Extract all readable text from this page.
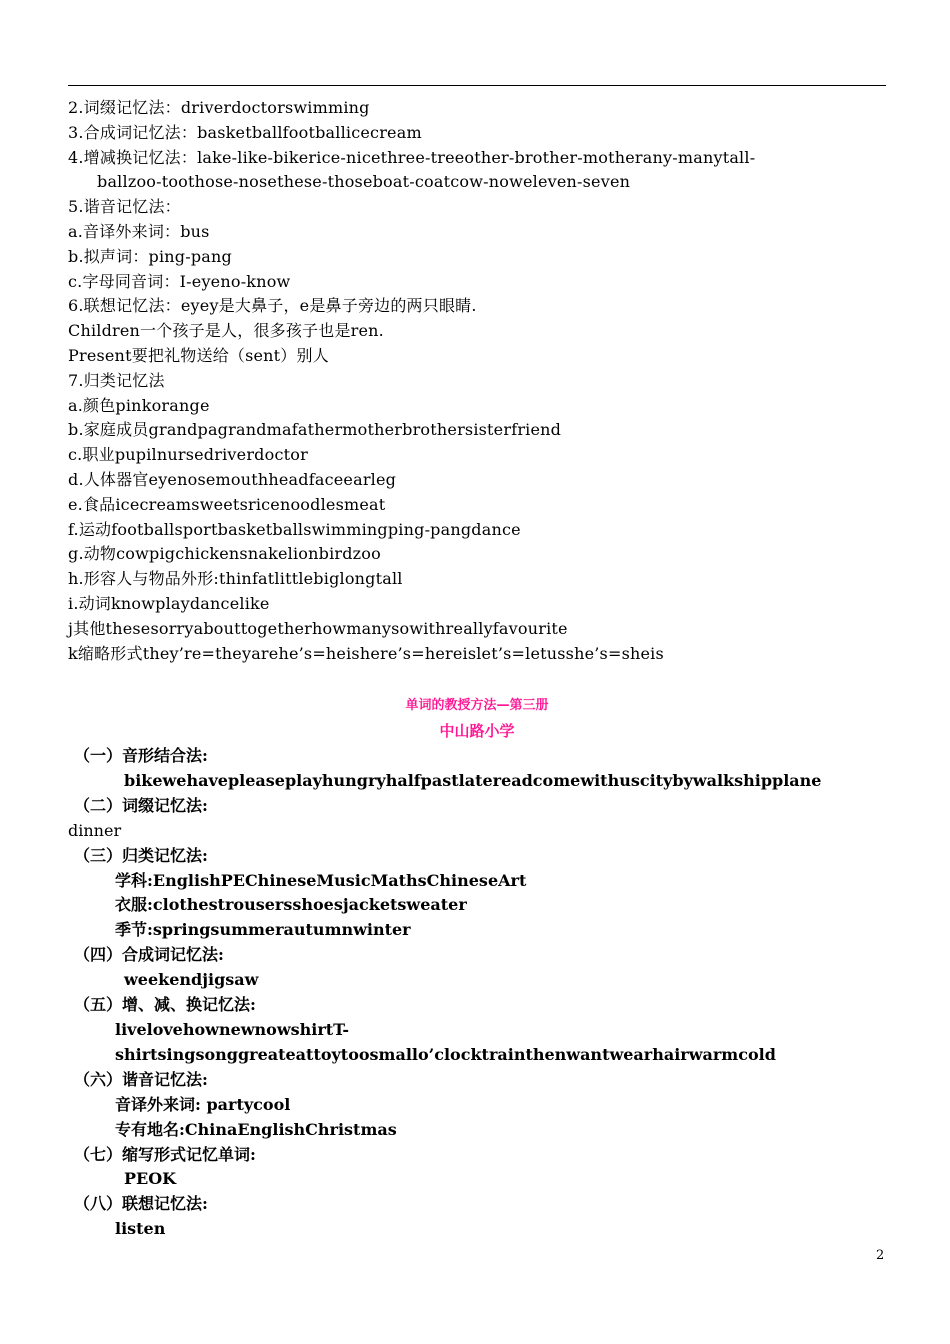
2.词缀记忆法：driverdoctorswimming
3.合成词记忆法：basketballfootballicecream
4.增减换记忆法：lake-like-bikerice-nicethree-treeother-brother-motherany-manytall-
ballzoo-toothose-nosethese-thoseboat-coatcow-noweleven-seven
5.谐音记忆法：
a.音译外来词：bus
b.拟声词：ping-pang
c.字母同音词：I-eyeno-know
6.联想记忆法：eyey是大鼻子，e是鼻子旁边的两只眼睛.
Children一个孩子是人，很多孩子也是ren.
Present要把礼物送给（sent）别人
7.归类记忆法
a.颜色pinkorange
b.家庭成员grandpagrandmafathermotherbrothersisterfriend
c.职业pupilnursedriverdoctor
d.人体器官eyenosemouthheadfaceearleg
e.食品icecreamsweetsricenoodlesmeat
f.运动footballsportbasketballswimmingping-pangdance
g.动物cowpigchickensnakelionbirdzoo
h.形容人与物品外形:thinfatlittlebiglongtall
i.动词knowplaydancelike
j其他thesesorryabouttogetherhowmanysowithreallyfavourite
k缩略形式they’re=theyarehe’s=heishere’s=hereislet’s=letusshe’s=sheis
单词的教授方法—第三册
中山路小学
（一）音形结合法:
bikewehavepleaseplayhungryhalfpastlatereadcomewithuscitybywalkshipplane
（二）词缀记忆法:
dinner
（三）归类记忆法:
学科:EnglishPEChineseMusicMathsChineseArt
衣服:clothestrousersshoesjacketsweater
季节:springsummerautumnwinter
（四）合成词记忆法:
weekendjigsaw
（五）增、减、换记忆法:
livelovehownewnowshirtT-
shirtsingsonggreateattoytoosmallo’clocktrainthenwantwearhairwarmcold
（六）谐音记忆法:
音译外来词: partycool
专有地名:ChinaEnglishChristmas
（七）缩写形式记忆单词:
PEOK
（八）联想记忆法:
listen
2
